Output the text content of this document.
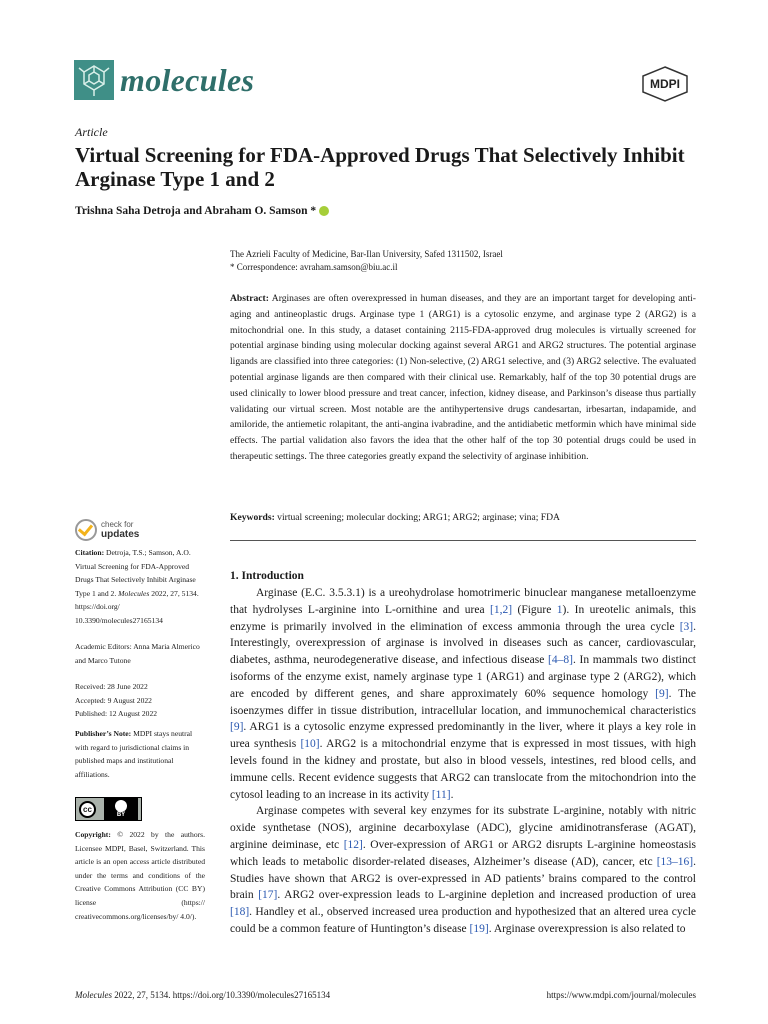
molecules	MDPI
Article
Virtual Screening for FDA-Approved Drugs That Selectively Inhibit Arginase Type 1 and 2
Trishna Saha Detroja and Abraham O. Samson *
The Azrieli Faculty of Medicine, Bar-Ilan University, Safed 1311502, Israel
* Correspondence: avraham.samson@biu.ac.il

Abstract: Arginases are often overexpressed in human diseases, and they are an important target for developing anti-aging and antineoplastic drugs. Arginase type 1 (ARG1) is a cytosolic enzyme, and arginase type 2 (ARG2) is a mitochondrial one. In this study, a dataset containing 2115-FDA-approved drug molecules is virtually screened for potential arginase binding using molecular docking against several ARG1 and ARG2 structures. The potential arginase ligands are classified into three categories: (1) Non-selective, (2) ARG1 selective, and (3) ARG2 selective. The evaluated potential arginase ligands are then compared with their clinical use. Remarkably, half of the top 30 potential drugs are used clinically to lower blood pressure and treat cancer, infection, kidney disease, and Parkinson’s disease thus partially validating our virtual screen. Most notable are the antihypertensive drugs candesartan, irbesartan, indapamide, and amiloride, the antiemetic rolapitant, the anti-angina ivabradine, and the antidiabetic metformin which have minimal side effects. The partial validation also favors the idea that the other half of the top 30 potential drugs could be used in therapeutic settings. The three categories greatly expand the selectivity of arginase inhibition.

Keywords: virtual screening; molecular docking; ARG1; ARG2; arginase; vina; FDA

check for
updates
Citation: Detroja, T.S.; Samson, A.O. Virtual Screening for FDA-Approved Drugs That Selectively Inhibit Arginase Type 1 and 2. Molecules 2022, 27, 5134. https://doi.org/ 10.3390/molecules27165134
Academic Editors: Anna Maria Almerico and Marco Tutone
Received: 28 June 2022
Accepted: 9 August 2022
Published: 12 August 2022
Publisher’s Note: MDPI stays neutral with regard to jurisdictional claims in published maps and institutional affiliations.
cc
BY
Copyright: © 2022 by the authors. Licensee MDPI, Basel, Switzerland. This article is an open access article distributed under the terms and conditions of the Creative Commons Attribution (CC BY) license (https:// creativecommons.org/licenses/by/ 4.0/).
1. Introduction

Arginase (E.C. 3.5.3.1) is a ureohydrolase homotrimeric binuclear manganese metalloenzyme that hydrolyses L-arginine into L-ornithine and urea [1,2] (Figure 1). In ureotelic animals, this enzyme is primarily involved in the elimination of excess ammonia through the urea cycle [3]. Interestingly, overexpression of arginase is involved in diseases such as cancer, cardiovascular, diabetes, asthma, neurodegenerative disease, and infectious disease [4–8]. In mammals two distinct isoforms of the enzyme exist, namely arginase type 1 (ARG1) and arginase type 2 (ARG2), which are encoded by different genes, and share approximately 60% sequence homology [9]. The isoenzymes differ in tissue distribution, intracellular location, and immunochemical characteristics [9]. ARG1 is a cytosolic enzyme expressed predominantly in the liver, where it plays a key role in urea synthesis [10]. ARG2 is a mitochondrial enzyme that is expressed in most tissues, with high levels found in the kidney and prostate, but also in blood vessels, intestines, red blood cells, and immune cells. Recent evidence suggests that ARG2 can translocate from the mitochondrion into the cytosol leading to an increase in its activity [11].

Arginase competes with several key enzymes for its substrate L-arginine, notably with nitric oxide synthetase (NOS), arginine decarboxylase (ADC), glycine amidinotransferase (AGAT), arginine deiminase, etc [12]. Over-expression of ARG1 or ARG2 disrupts L-arginine homeostasis which leads to metabolic disorder-related diseases, Alzheimer’s disease (AD), cancer, etc [13–16]. Studies have shown that ARG2 is over-expressed in AD patients’ brains compared to the control brain [17]. ARG2 over-expression leads to L-arginine depletion and increased production of urea [18]. Handley et al., observed increased urea production and hypothesized that an altered urea cycle could be a common feature of Huntington’s disease [19]. Arginase overexpression is also related to

Molecules 2022, 27, 5134. https://doi.org/10.3390/molecules27165134	https://www.mdpi.com/journal/molecules
